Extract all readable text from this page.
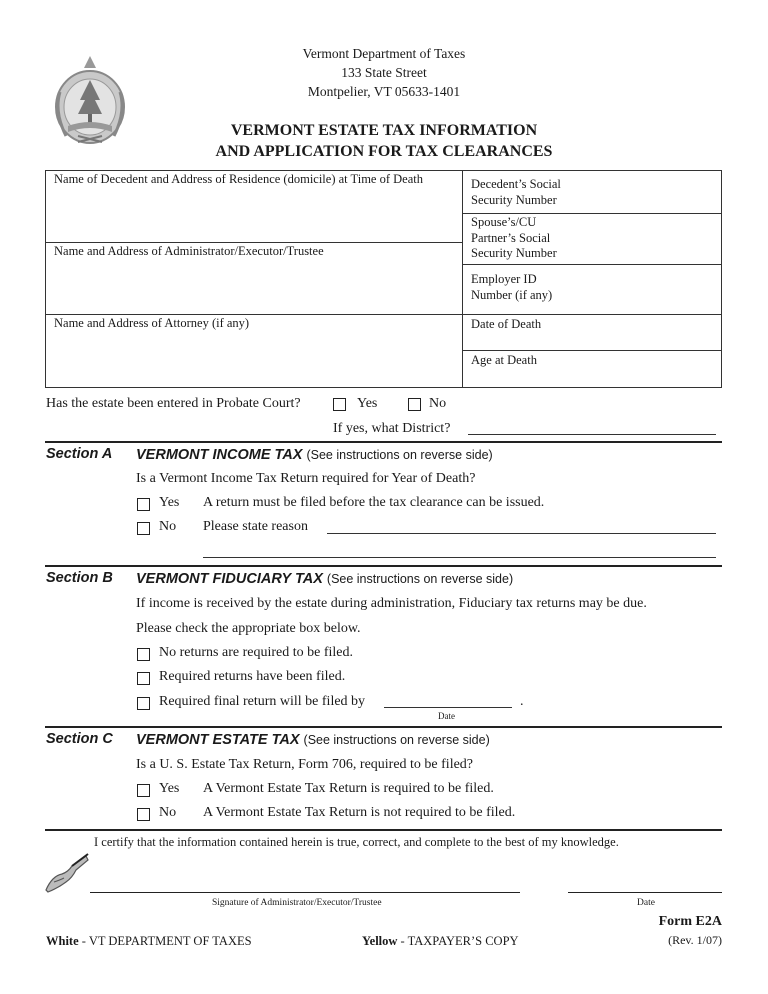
Vermont Department of Taxes
133 State Street
Montpelier, VT 05633-1401
VERMONT ESTATE TAX INFORMATION
AND APPLICATION FOR TAX CLEARANCES
Name of Decedent and Address of Residence (domicile) at Time of Death
Name and Address of Administrator/Executor/Trustee
Name and Address of Attorney (if any)
Decedent’s Social
Security Number
Spouse’s/CU
Partner’s Social
Security Number
Employer ID
Number (if any)
Date of Death
Age at Death
Has the estate been entered in Probate Court?	Yes	No
If yes, what District?
Section A VERMONT INCOME TAX (See instructions on reverse side)
Is a Vermont Income Tax Return required for Year of Death?
Yes A return must be filed before the tax clearance can be issued.
No Please state reason
Section B VERMONT FIDUCIARY TAX (See instructions on reverse side)
If income is received by the estate during administration, Fiduciary tax returns may be due.
Please check the appropriate box below.
No returns are required to be filed.
Required returns have been filed.
Required final return will be filed by	.
Date
Section C VERMONT ESTATE TAX (See instructions on reverse side)
Is a U. S. Estate Tax Return, Form 706, required to be filed?
Yes A Vermont Estate Tax Return is required to be filed.
No A Vermont Estate Tax Return is not required to be filed.
I certify that the information contained herein is true, correct, and complete to the best of my knowledge.
Signature of Administrator/Executor/Trustee	Date
White - VT DEPARTMENT OF TAXES	Yellow - TAXPAYER’S COPY
Form E2A
(Rev. 1/07)
